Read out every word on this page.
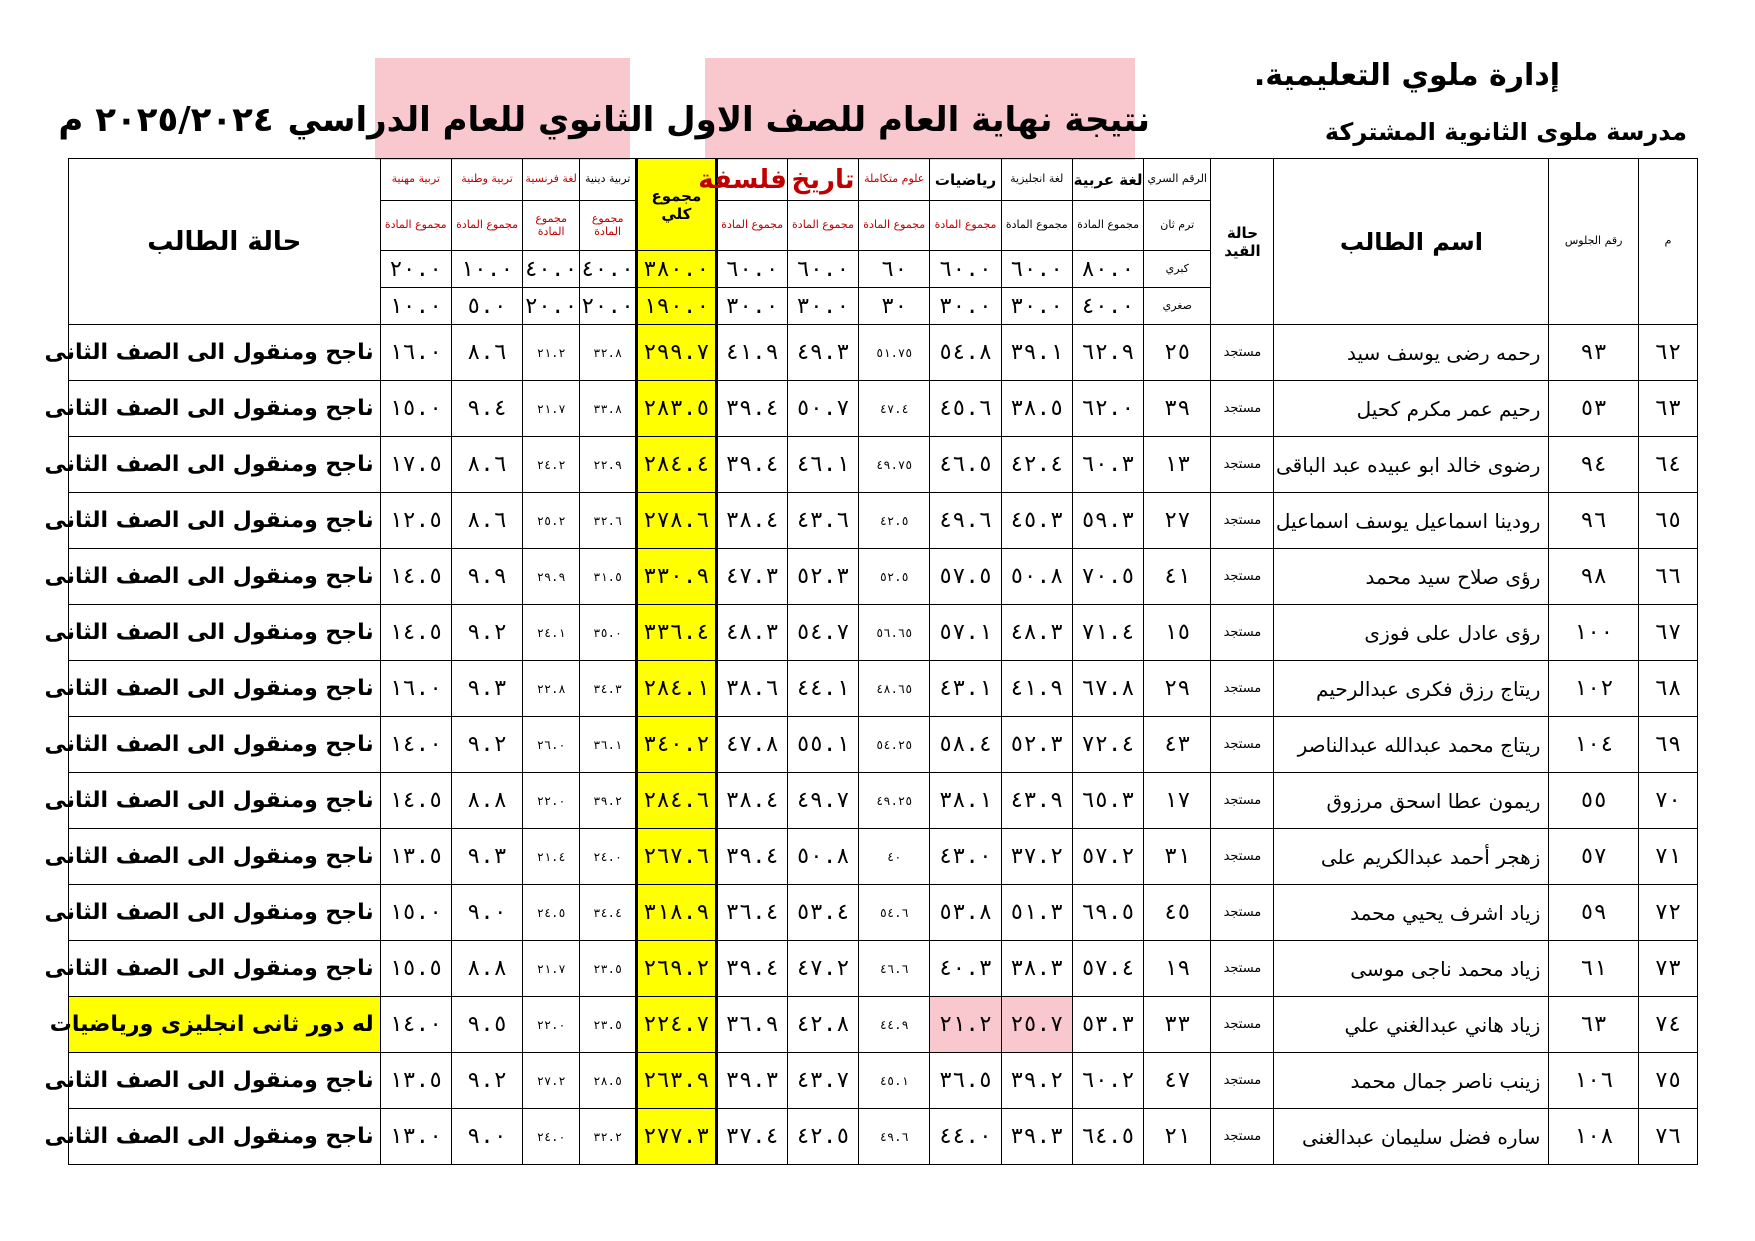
إدارة ملوي التعليمية.
مدرسة ملوى الثانوية المشتركة
نتيجة نهاية العام للصف الاول الثانوي للعام الدراسي٢٠٢٥/٢٠٢٤ م
م	رقم الجلوس	اسم الطالب	حالة القيد	الرقم السري	لغة عربية	لغة انجليزية	رياضيات	علوم متكاملة	تاريخ	فلسفة	مجموع كلي	تربية دينية	لغة فرنسية	تربية وطنية	تربية مهنية	حالة الطالب
				ترم ثان	مجموع المادة	مجموع المادة	مجموع المادة	مجموع المادة	مجموع المادة	مجموع المادة		مجموع المادة	مجموع المادة	مجموع المادة	مجموع المادة	
				كبري	٨٠.٠	٦٠.٠	٦٠.٠	٦٠	٦٠.٠	٦٠.٠	٣٨٠.٠	٤٠.٠	٤٠.٠	١٠.٠	٢٠.٠	
				صغري	٤٠.٠	٣٠.٠	٣٠.٠	٣٠	٣٠.٠	٣٠.٠	١٩٠.٠	٢٠.٠	٢٠.٠	٥.٠	١٠.٠	
٦٢	٩٣	رحمه رضى يوسف سيد	مستجد	٢٥	٦٢.٩	٣٩.١	٥٤.٨	٥١.٧٥	٤٩.٣	٤١.٩	٢٩٩.٧	٣٢.٨	٢١.٢	٨.٦	١٦.٠	ناجح ومنقول الى الصف الثانى
٦٣	٥٣	رحيم عمر مكرم كحيل	مستجد	٣٩	٦٢.٠	٣٨.٥	٤٥.٦	٤٧.٤	٥٠.٧	٣٩.٤	٢٨٣.٥	٣٣.٨	٢١.٧	٩.٤	١٥.٠	ناجح ومنقول الى الصف الثانى
٦٤	٩٤	رضوى خالد ابو عبيده عبد الباقى	مستجد	١٣	٦٠.٣	٤٢.٤	٤٦.٥	٤٩.٧٥	٤٦.١	٣٩.٤	٢٨٤.٤	٢٢.٩	٢٤.٢	٨.٦	١٧.٥	ناجح ومنقول الى الصف الثانى
٦٥	٩٦	رودينا اسماعيل يوسف اسماعيل	مستجد	٢٧	٥٩.٣	٤٥.٣	٤٩.٦	٤٢.٥	٤٣.٦	٣٨.٤	٢٧٨.٦	٣٢.٦	٢٥.٢	٨.٦	١٢.٥	ناجح ومنقول الى الصف الثانى
٦٦	٩٨	رؤى صلاح سيد محمد	مستجد	٤١	٧٠.٥	٥٠.٨	٥٧.٥	٥٢.٥	٥٢.٣	٤٧.٣	٣٣٠.٩	٣١.٥	٢٩.٩	٩.٩	١٤.٥	ناجح ومنقول الى الصف الثانى
٦٧	١٠٠	رؤى عادل على فوزى	مستجد	١٥	٧١.٤	٤٨.٣	٥٧.١	٥٦.٦٥	٥٤.٧	٤٨.٣	٣٣٦.٤	٣٥.٠	٢٤.١	٩.٢	١٤.٥	ناجح ومنقول الى الصف الثانى
٦٨	١٠٢	ريتاج رزق فكرى عبدالرحيم	مستجد	٢٩	٦٧.٨	٤١.٩	٤٣.١	٤٨.٦٥	٤٤.١	٣٨.٦	٢٨٤.١	٣٤.٣	٢٢.٨	٩.٣	١٦.٠	ناجح ومنقول الى الصف الثانى
٦٩	١٠٤	ريتاج محمد عبدالله عبدالناصر	مستجد	٤٣	٧٢.٤	٥٢.٣	٥٨.٤	٥٤.٢٥	٥٥.١	٤٧.٨	٣٤٠.٢	٣٦.١	٢٦.٠	٩.٢	١٤.٠	ناجح ومنقول الى الصف الثانى
٧٠	٥٥	ريمون عطا اسحق مرزوق	مستجد	١٧	٦٥.٣	٤٣.٩	٣٨.١	٤٩.٢٥	٤٩.٧	٣٨.٤	٢٨٤.٦	٣٩.٢	٢٢.٠	٨.٨	١٤.٥	ناجح ومنقول الى الصف الثانى
٧١	٥٧	زهجر أحمد عبدالكريم على	مستجد	٣١	٥٧.٢	٣٧.٢	٤٣.٠	٤٠	٥٠.٨	٣٩.٤	٢٦٧.٦	٢٤.٠	٢١.٤	٩.٣	١٣.٥	ناجح ومنقول الى الصف الثانى
٧٢	٥٩	زياد اشرف يحيي محمد	مستجد	٤٥	٦٩.٥	٥١.٣	٥٣.٨	٥٤.٦	٥٣.٤	٣٦.٤	٣١٨.٩	٣٤.٤	٢٤.٥	٩.٠	١٥.٠	ناجح ومنقول الى الصف الثانى
٧٣	٦١	زياد محمد ناجى موسى	مستجد	١٩	٥٧.٤	٣٨.٣	٤٠.٣	٤٦.٦	٤٧.٢	٣٩.٤	٢٦٩.٢	٢٣.٥	٢١.٧	٨.٨	١٥.٥	ناجح ومنقول الى الصف الثانى
٧٤	٦٣	زياد هاني عبدالغني علي	مستجد	٣٣	٥٣.٣	٢٥.٧	٢١.٢	٤٤.٩	٤٢.٨	٣٦.٩	٢٢٤.٧	٢٣.٥	٢٢.٠	٩.٥	١٤.٠	له دور ثانى انجليزى ورياضيات
٧٥	١٠٦	زينب ناصر جمال محمد	مستجد	٤٧	٦٠.٢	٣٩.٢	٣٦.٥	٤٥.١	٤٣.٧	٣٩.٣	٢٦٣.٩	٢٨.٥	٢٧.٢	٩.٢	١٣.٥	ناجح ومنقول الى الصف الثانى
٧٦	١٠٨	ساره فضل سليمان عبدالغنى	مستجد	٢١	٦٤.٥	٣٩.٣	٤٤.٠	٤٩.٦	٤٢.٥	٣٧.٤	٢٧٧.٣	٣٢.٢	٢٤.٠	٩.٠	١٣.٠	ناجح ومنقول الى الصف الثانى
